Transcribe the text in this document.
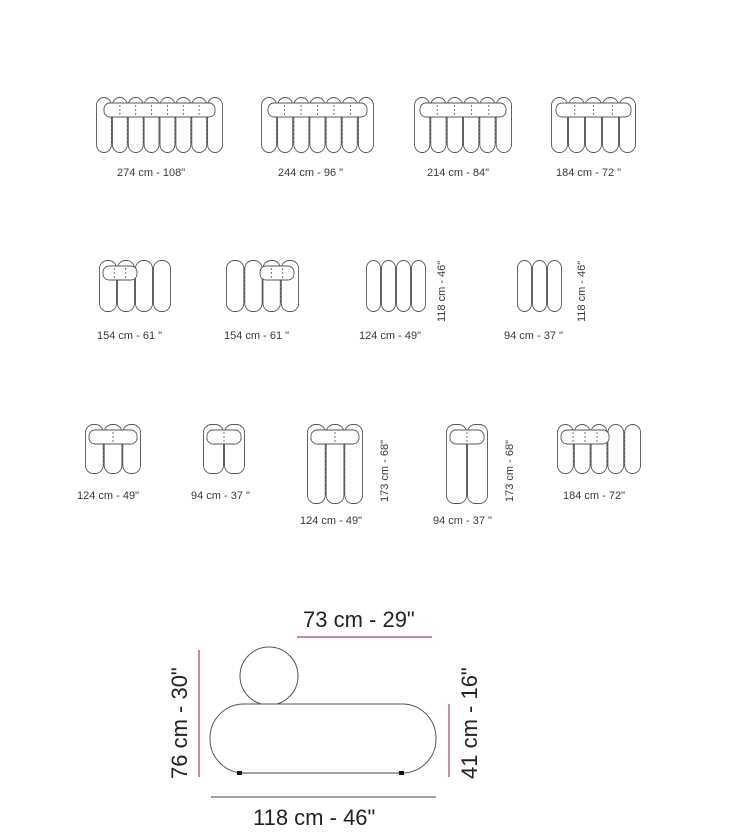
274 cm - 108"	244 cm - 96 "	214 cm - 84"	184 cm - 72 "
154 cm - 61 "	154 cm - 61 "	124 cm - 49"
118 cm - 46"
94 cm - 37 "
118 cm - 46"
124 cm - 49"	94 cm - 37 "
124 cm - 49"
173 cm - 68"
94 cm - 37 "
173 cm - 68"	184 cm - 72"
73 cm - 29"
76 cm - 30"	41 cm - 16"
118 cm - 46"
